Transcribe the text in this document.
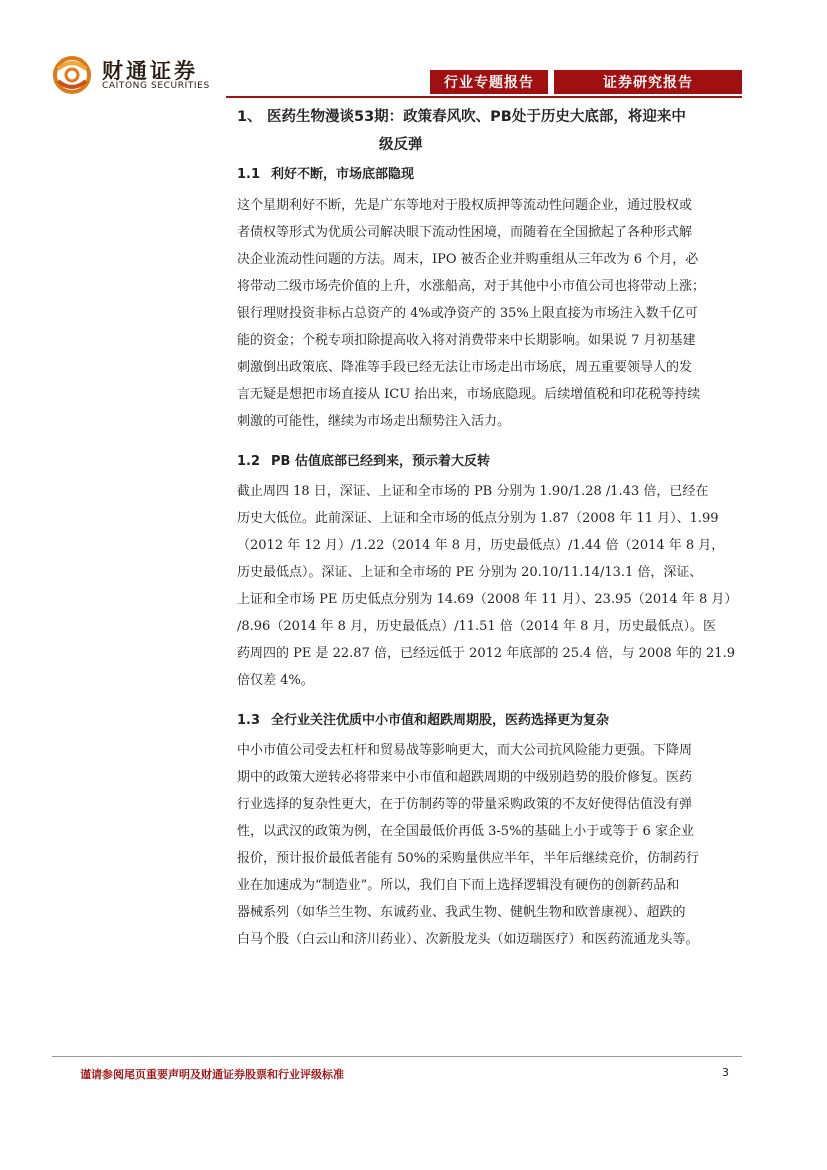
财通证券
CAITONG SECURITIES	行业专题报告	证券研究报告
1、 医药生物漫谈53期：政策春风吹、PB处于历史大底部，将迎来中
级反弹
1.1 利好不断，市场底部隐现
这个星期利好不断，先是广东等地对于股权质押等流动性问题企业，通过股权或
者债权等形式为优质公司解决眼下流动性困境，而随着在全国掀起了各种形式解
决企业流动性问题的方法。周末，IPO 被否企业并购重组从三年改为 6 个月，必
将带动二级市场壳价值的上升，水涨船高，对于其他中小市值公司也将带动上涨；
银行理财投资非标占总资产的 4%或净资产的 35%上限直接为市场注入数千亿可
能的资金；个税专项扣除提高收入将对消费带来中长期影响。如果说 7 月初基建
刺激倒出政策底、降准等手段已经无法让市场走出市场底，周五重要领导人的发
言无疑是想把市场直接从 ICU 抬出来，市场底隐现。后续增值税和印花税等持续
刺激的可能性，继续为市场走出颓势注入活力。
1.2 PB 估值底部已经到来，预示着大反转
截止周四 18 日，深证、上证和全市场的 PB 分别为 1.90/1.28 /1.43 倍，已经在
历史大低位。此前深证、上证和全市场的低点分别为 1.87（2008 年 11 月）、1.99
（2012 年 12 月）/1.22（2014 年 8 月，历史最低点）/1.44 倍（2014 年 8 月，
历史最低点）。深证、上证和全市场的 PE 分别为 20.10/11.14/13.1 倍，深证、
上证和全市场 PE 历史低点分别为 14.69（2008 年 11 月）、23.95（2014 年 8 月）
/8.96（2014 年 8 月，历史最低点）/11.51 倍（2014 年 8 月，历史最低点）。医
药周四的 PE 是 22.87 倍，已经远低于 2012 年底部的 25.4 倍，与 2008 年的 21.9
倍仅差 4%。
1.3 全行业关注优质中小市值和超跌周期股，医药选择更为复杂
中小市值公司受去杠杆和贸易战等影响更大，而大公司抗风险能力更强。下降周
期中的政策大逆转必将带来中小市值和超跌周期的中级别趋势的股价修复。医药
行业选择的复杂性更大，在于仿制药等的带量采购政策的不友好使得估值没有弹
性，以武汉的政策为例，在全国最低价再低 3-5%的基础上小于或等于 6 家企业
报价，预计报价最低者能有 50%的采购量供应半年，半年后继续竞价，仿制药行
业在加速成为“制造业”。所以，我们自下而上选择逻辑没有硬伤的创新药品和
器械系列（如华兰生物、东诚药业、我武生物、健帆生物和欧普康视）、超跌的
白马个股（白云山和济川药业）、次新股龙头（如迈瑞医疗）和医药流通龙头等。
谨请参阅尾页重要声明及财通证券股票和行业评级标准	3
